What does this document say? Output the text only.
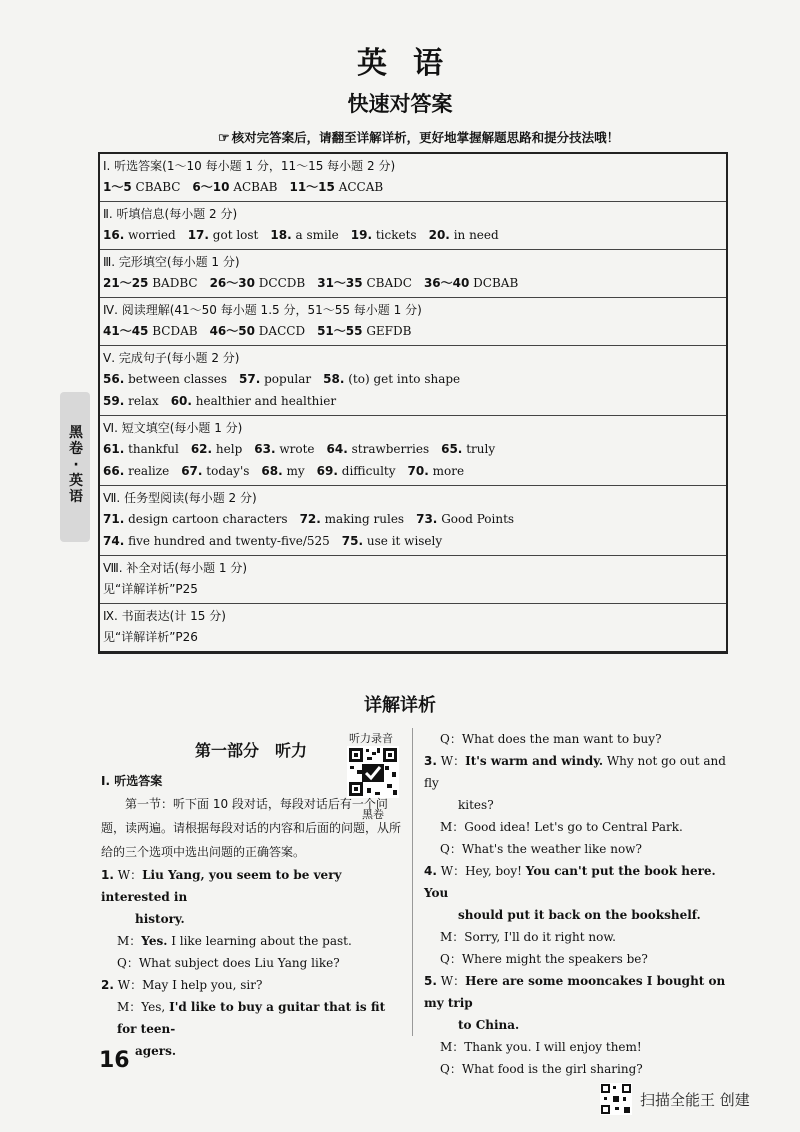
英语
快速对答案
☞ 核对完答案后，请翻至详解详析，更好地掌握解题思路和提分技法哦！
Ⅰ. 听选答案(1～10 每小题 1 分，11～15 每小题 2 分)
1～5 CBABC 6～10 ACBAB 11～15 ACCAB
Ⅱ. 听填信息(每小题 2 分)
16. worried 17. got lost 18. a smile 19. tickets 20. in need
Ⅲ. 完形填空(每小题 1 分)
21～25 BADBC 26～30 DCCDB 31～35 CBADC 36～40 DCBAB
Ⅳ. 阅读理解(41～50 每小题 1.5 分，51～55 每小题 1 分)
41～45 BCDAB 46～50 DACCD 51～55 GEFDB
Ⅴ. 完成句子(每小题 2 分)
56. between classes 57. popular 58. (to) get into shape
59. relax 60. healthier and healthier
Ⅵ. 短文填空(每小题 1 分)
61. thankful 62. help 63. wrote 64. strawberries 65. truly
66. realize 67. today's 68. my 69. difficulty 70. more
Ⅶ. 任务型阅读(每小题 2 分)
71. design cartoon characters 72. making rules 73. Good Points
74. five hundred and twenty-five/525 75. use it wisely
Ⅷ. 补全对话(每小题 1 分)
见“详解详析”P25
Ⅸ. 书面表达(计 15 分)
见“详解详析”P26
黑
卷
·
英
语
详解详析
第一部分　听力
听力录音
黑卷
Ⅰ. 听选答案
第一节：听下面 10 段对话，每段对话后有一个问题，读两遍。请根据每段对话的内容和后面的问题，从所给的三个选项中选出问题的正确答案。
1. W：Liu Yang, you seem to be very interested in
history.
M：Yes. I like learning about the past.
Q：What subject does Liu Yang like?
2. W：May I help you, sir?
M：Yes, I'd like to buy a guitar that is fit for teen-
agers.
Q：What does the man want to buy?
3. W：It's warm and windy. Why not go out and fly
kites?
M：Good idea! Let's go to Central Park.
Q：What's the weather like now?
4. W：Hey, boy! You can't put the book here. You
should put it back on the bookshelf.
M：Sorry, I'll do it right now.
Q：Where might the speakers be?
5. W：Here are some mooncakes I bought on my trip
to China.
M：Thank you. I will enjoy them!
Q：What food is the girl sharing?
16
扫描全能王 创建
